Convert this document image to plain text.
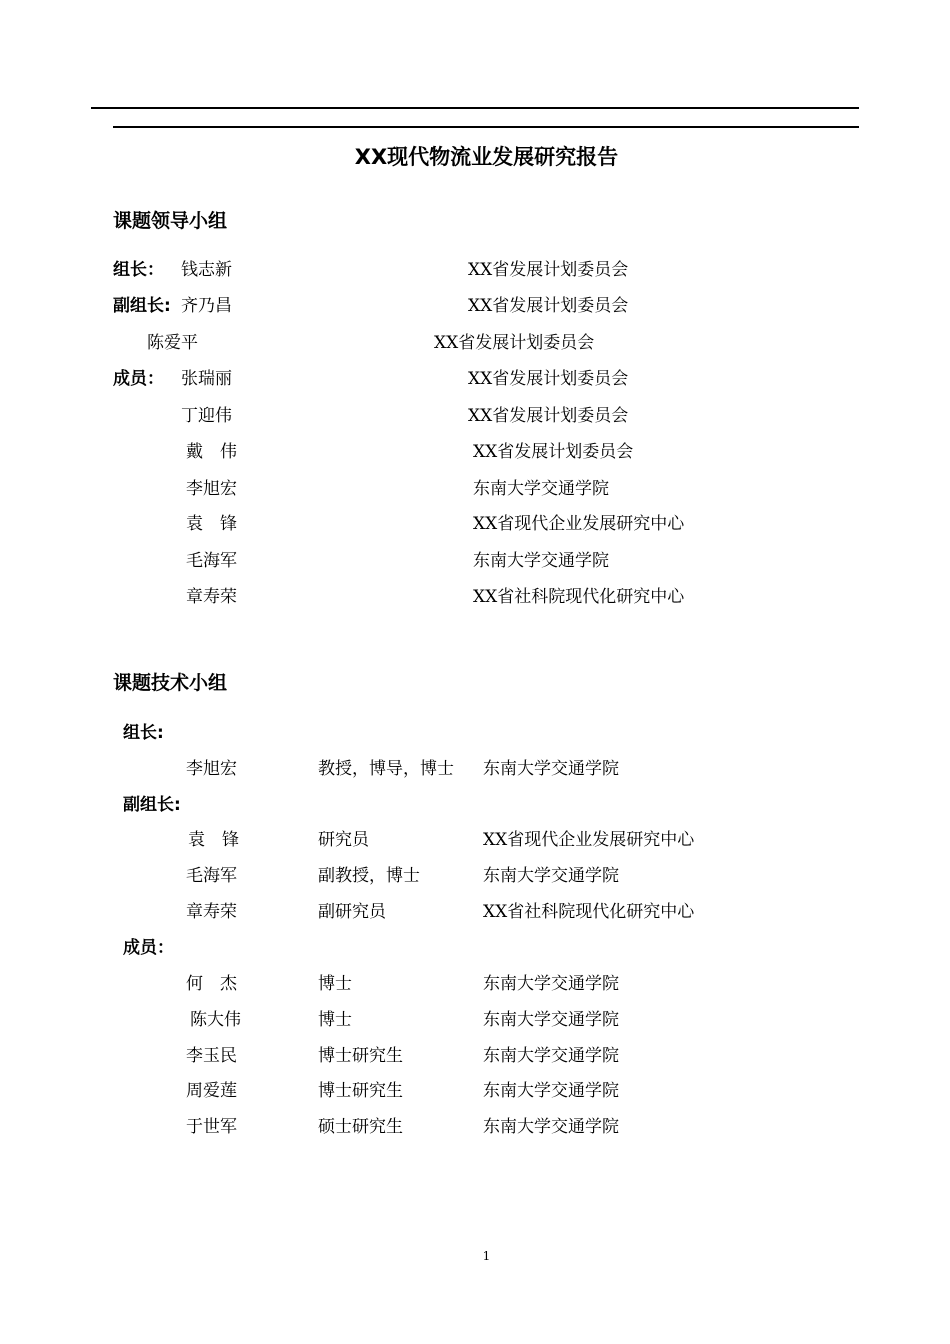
XX现代物流业发展研究报告
课题领导小组
组长： 钱志新	XX省发展计划委员会
副组长: 齐乃昌	XX省发展计划委员会
陈爱平	XX省发展计划委员会
成员： 张瑞丽	XX省发展计划委员会
丁迎伟	XX省发展计划委员会
戴　伟	XX省发展计划委员会
李旭宏	东南大学交通学院
袁　锋	XX省现代企业发展研究中心
毛海军	东南大学交通学院
章寿荣	XX省社科院现代化研究中心
课题技术小组
组长:
李旭宏	教授，博导，博士 东南大学交通学院
副组长:
袁　锋	研究员	XX省现代企业发展研究中心
毛海军	副教授，博士	东南大学交通学院
章寿荣	副研究员	XX省社科院现代化研究中心
成员：
何　杰	博士	东南大学交通学院
陈大伟	博士	东南大学交通学院
李玉民	博士研究生	东南大学交通学院
周爱莲	博士研究生	东南大学交通学院
于世军	硕士研究生	东南大学交通学院
1
